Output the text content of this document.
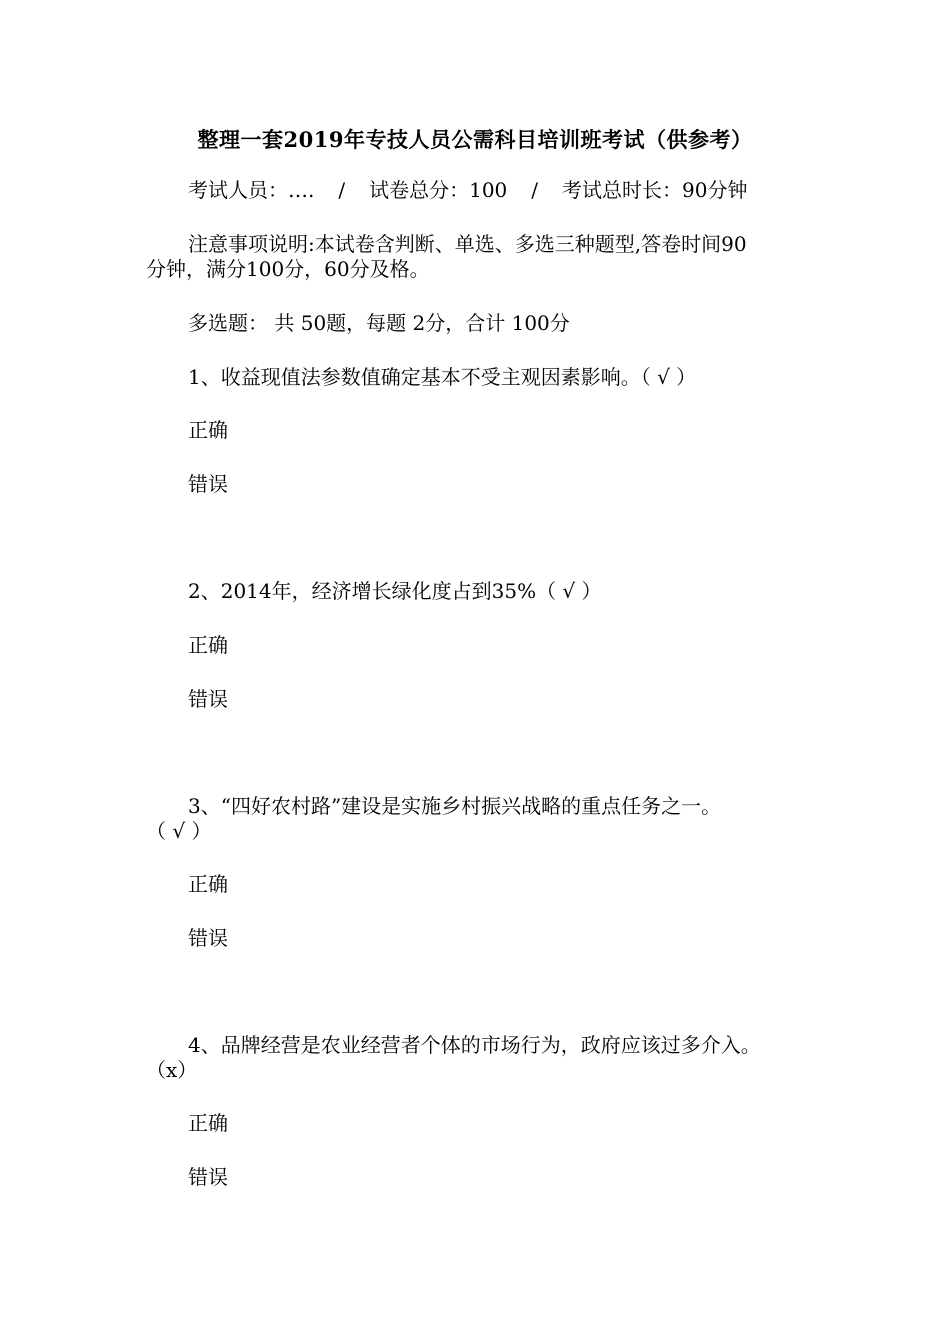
整理一套2019年专技人员公需科目培训班考试（供参考）
考试人员：…. / 试卷总分：100 / 考试总时长：90分钟
注意事项说明:本试卷含判断、单选、多选三种题型,答卷时间90
分钟，满分100分，60分及格。
多选题： 共 50题，每题 2分，合计 100分
1、收益现值法参数值确定基本不受主观因素影响。（ √ ）
正确
错误
2、2014年，经济增长绿化度占到35%（ √ ）
正确
错误
3、“四好农村路”建设是实施乡村振兴战略的重点任务之一。
（ √ ）
正确
错误
4、品牌经营是农业经营者个体的市场行为，政府应该过多介入。
（x）
正确
错误
